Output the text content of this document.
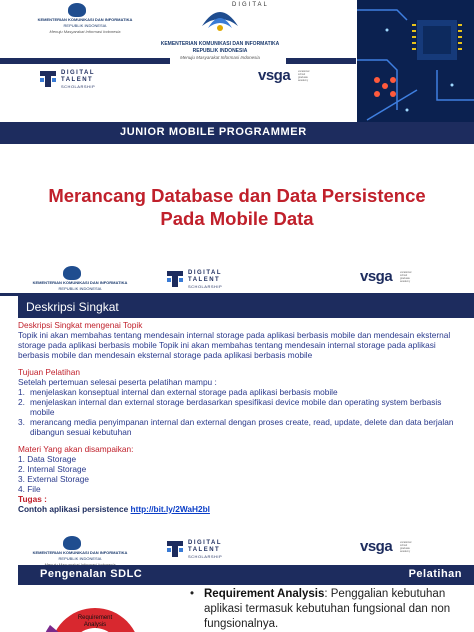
KEMENTERIAN KOMUNIKASI DAN INFORMATIKA
REPUBLIK INDONESIA
Menuju Masyarakat Informasi Indonesia
KEMENTERIAN KOMUNIKASI DAN INFORMATIKA
REPUBLIK INDONESIA
Menuju Masyarakat Informasi Indonesia
DIGITAL
DIGITAL
TALENT
SCHOLARSHIP
vsga	vocational school graduate academy
JUNIOR MOBILE PROGRAMMER
Merancang Database dan Data Persistence
Pada Mobile Data
KEMENTERIAN KOMUNIKASI DAN INFORMATIKA
REPUBLIK INDONESIA
DIGITAL
TALENT
SCHOLARSHIP
vsga	vocational school graduate academy
Deskripsi Singkat
Deskripsi Singkat mengenai Topik
Topik ini akan membahas tentang mendesain internal storage pada aplikasi berbasis mobile dan mendesain eksternal storage pada aplikasi berbasis mobile Topik ini akan membahas tentang mendesain internal storage pada aplikasi berbasis mobile dan mendesain eksternal storage pada aplikasi berbasis mobile
Tujuan Pelatihan
Setelah pertemuan selesai peserta pelatihan mampu :
1. menjelaskan konseptual internal dan external storage pada aplikasi berbasis mobile
2. menjelaskan internal dan external storage berdasarkan spesifikasi device mobile dan operating system berbasis mobile
3. merancang media penyimpanan internal dan external dengan proses create, read, update, delete dan data berjalan dibangun sesuai kebutuhan
Materi Yang akan disampaikan:
1. Data Storage
2. Internal Storage
3. External Storage
4. File
Tugas :
Contoh aplikasi persistence http://bit.ly/2WaH2bl
KEMENTERIAN KOMUNIKASI DAN INFORMATIKA
REPUBLIK INDONESIA
DIGITAL
TALENT
SCHOLARSHIP
vsga	vocational school graduate academy
Pengenalan SDLC	Pelatihan
Requirement
Analysis
• Requirement Analysis: Penggalian kebutuhan aplikasi termasuk kebutuhan fungsional dan non fungsionalnya.
